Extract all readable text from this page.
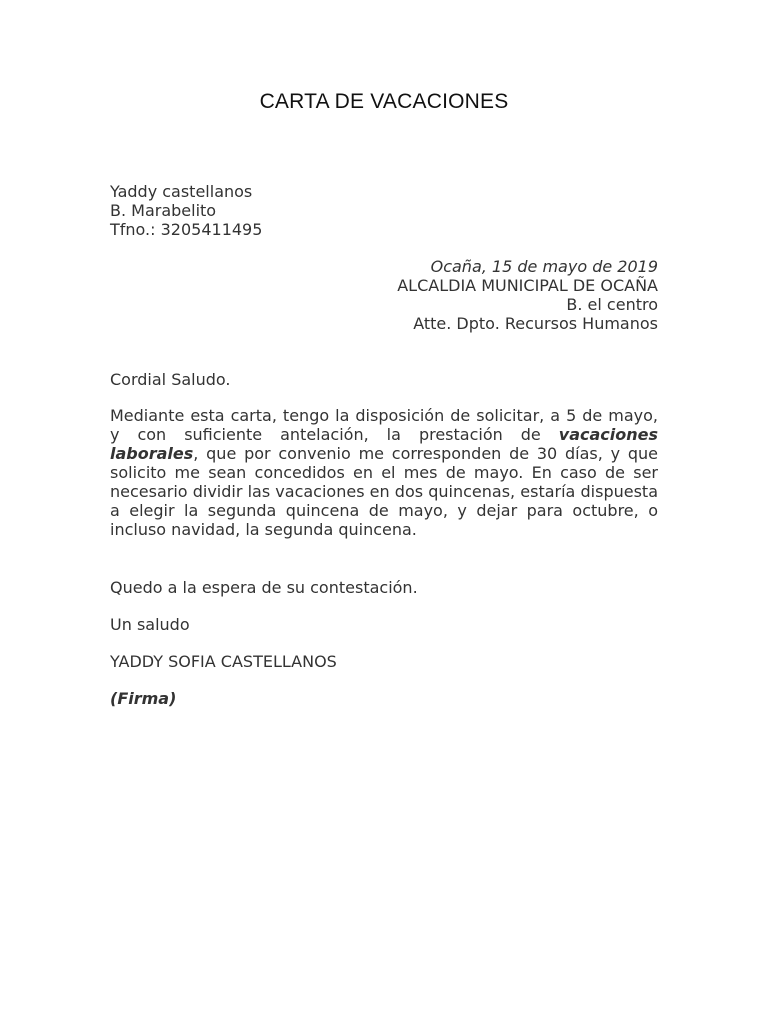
CARTA DE VACACIONES
Yaddy castellanos
B. Marabelito
Tfno.: 3205411495
Ocaña, 15 de mayo de 2019
ALCALDIA MUNICIPAL DE OCAÑA
B. el centro
Atte. Dpto. Recursos Humanos
Cordial Saludo.
Mediante esta carta, tengo la disposición de solicitar, a 5 de mayo, y con suficiente antelación, la prestación de vacaciones laborales, que por convenio me corresponden de 30 días, y que solicito me sean concedidos en el mes de mayo. En caso de ser necesario dividir las vacaciones en dos quincenas, estaría dispuesta a elegir la segunda quincena de mayo, y dejar para octubre, o incluso navidad, la segunda quincena.
Quedo a la espera de su contestación.
Un saludo
YADDY SOFIA CASTELLANOS
(Firma)
